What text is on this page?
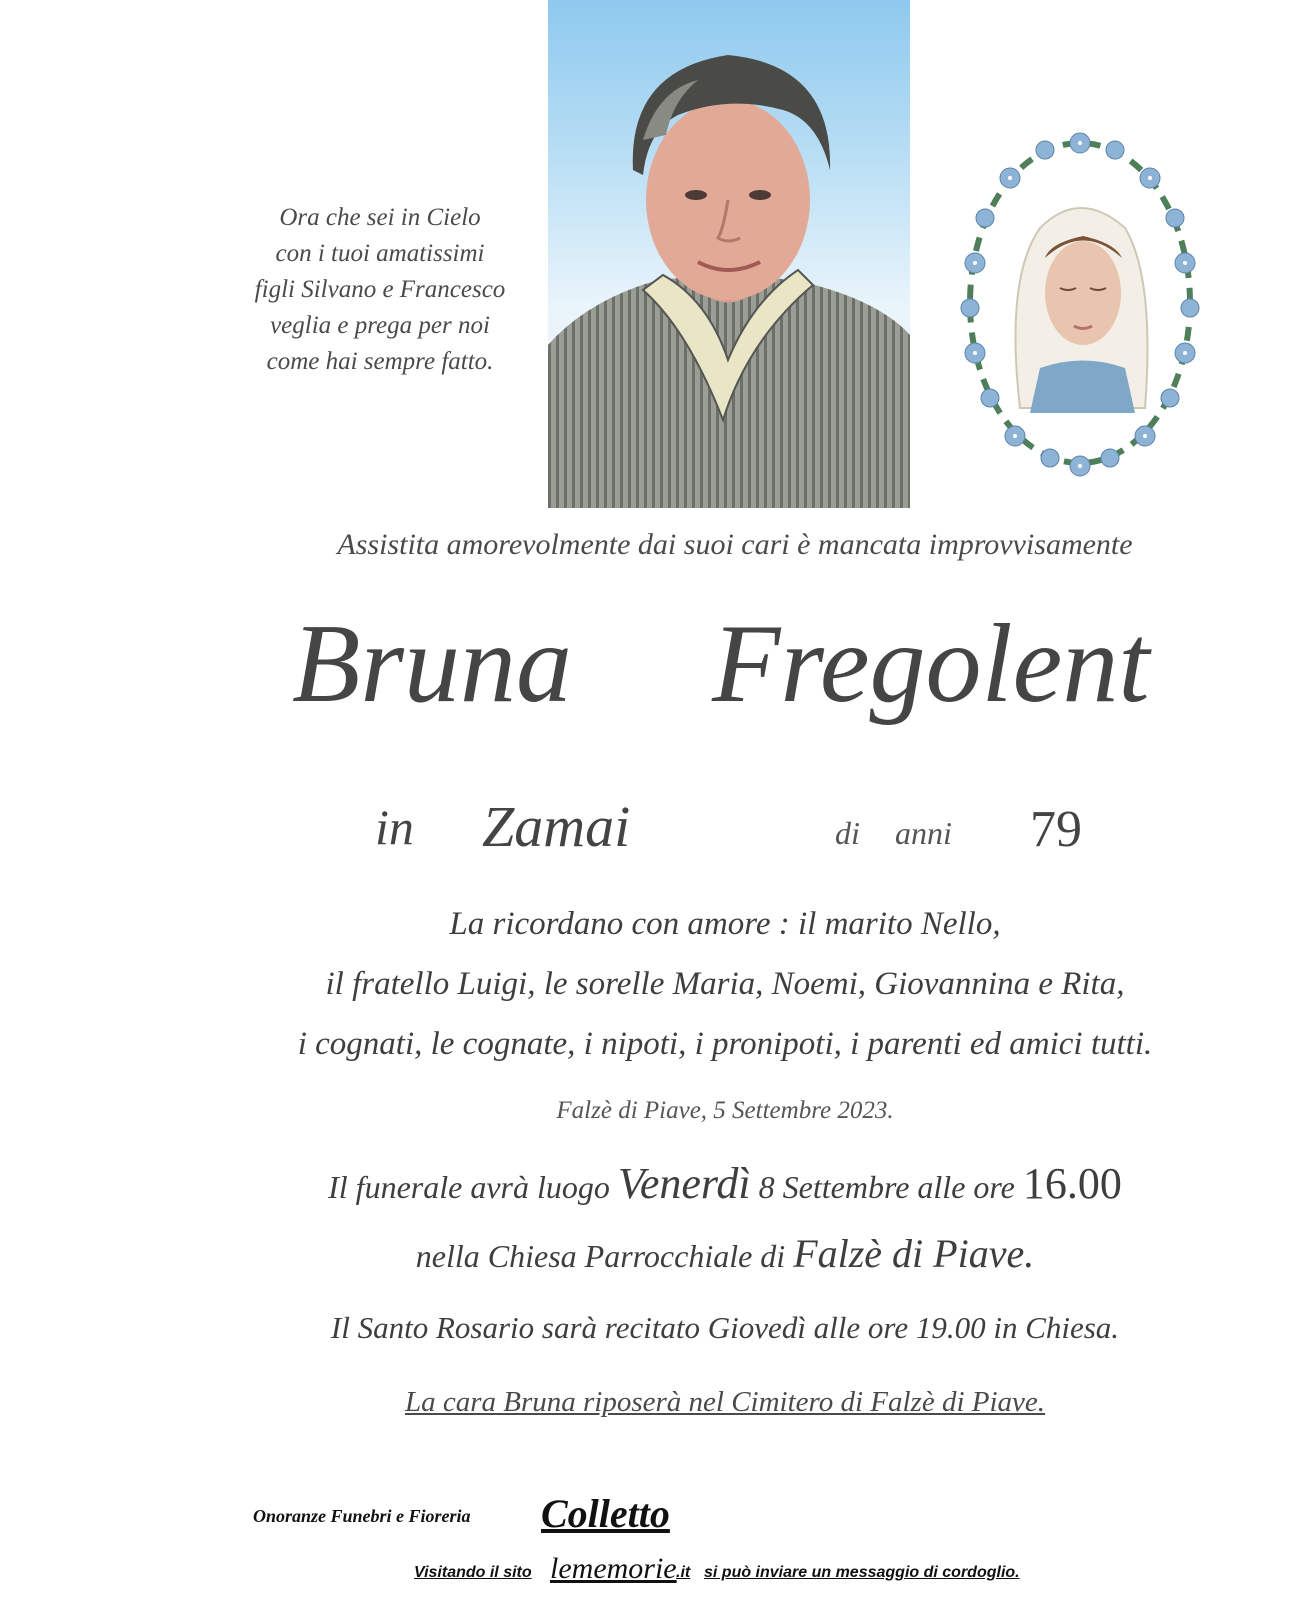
Ora che sei in Cielo
con i tuoi amatissimi
figli Silvano e Francesco
veglia e prega per noi
come hai sempre fatto.
Assistita amorevolmente dai suoi cari è mancata improvvisamente
Bruna Fregolent
in Zamai	di anni 79
La ricordano con amore : il marito Nello,
il fratello Luigi, le sorelle Maria, Noemi, Giovannina e Rita,
i cognati, le cognate, i nipoti, i pronipoti, i parenti ed amici tutti.
Falzè di Piave, 5 Settembre 2023.
Il funerale avrà luogo Venerdì 8 Settembre alle ore 16.00
nella Chiesa Parrocchiale di Falzè di Piave.
Il Santo Rosario sarà recitato Giovedì alle ore 19.00 in Chiesa.
La cara Bruna riposerà nel Cimitero di Falzè di Piave.
Onoranze Funebri e Fioreria Colletto
Visitando il sito lememorie .it si può inviare un messaggio di cordoglio.
